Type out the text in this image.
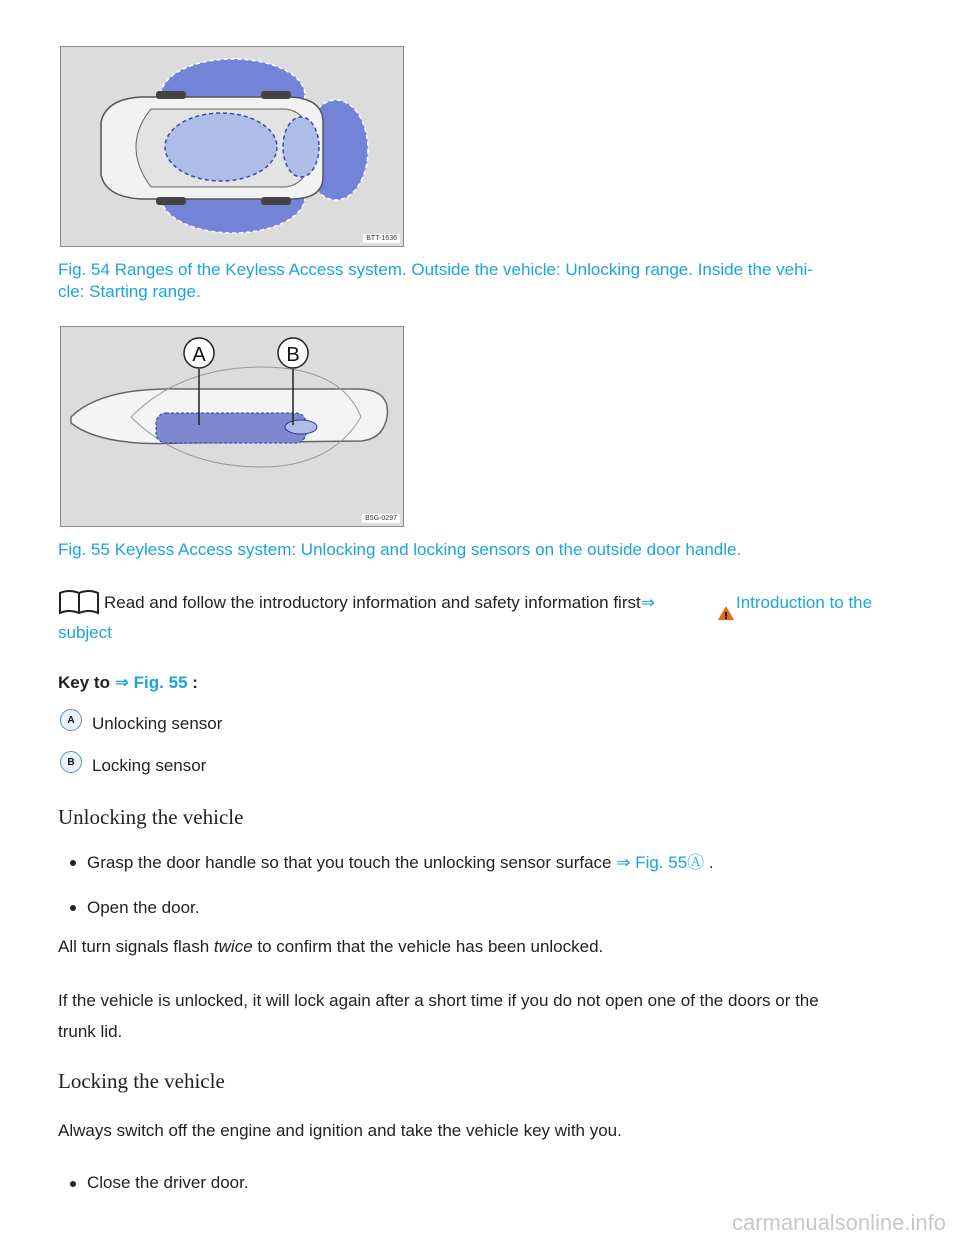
BTT-1636
Fig. 54 Ranges of the Keyless Access system. Outside the vehicle: Unlocking range. Inside the vehi-
cle: Starting range.
A	B
B5G-0297
Fig. 55 Keyless Access system: Unlocking and locking sensors on the outside door handle.
Read and follow the introductory information and safety information first⇒
!
Introduction to the
subject
Key to ⇒ Fig. 55 :
A	Unlocking sensor
B	Locking sensor
Unlocking the vehicle
Grasp the door handle so that you touch the unlocking sensor surface ⇒ Fig. 55Ⓐ .
Open the door.
All turn signals flash twice to confirm that the vehicle has been unlocked.
If the vehicle is unlocked, it will lock again after a short time if you do not open one of the doors or the
trunk lid.
Locking the vehicle
Always switch off the engine and ignition and take the vehicle key with you.
Close the driver door.
carmanualsonline.info
